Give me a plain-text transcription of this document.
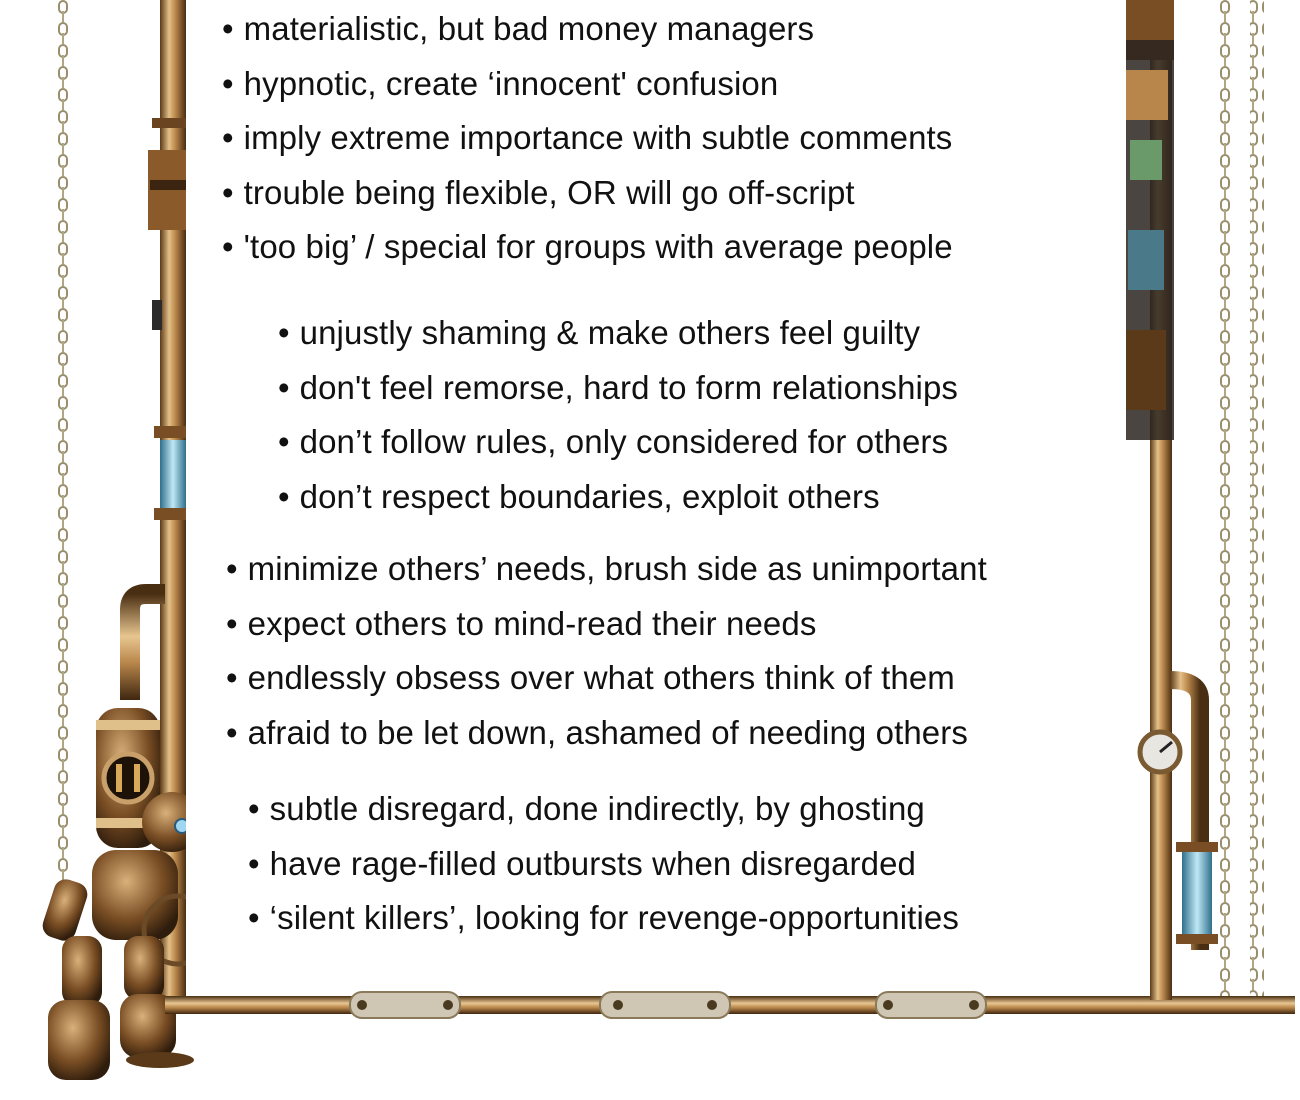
• materialistic, but bad money managers
• hypnotic, create ‘innocent' confusion
• imply extreme importance with subtle comments
• trouble being flexible, OR will go off-script
• 'too big’ / special for groups with average people
• unjustly shaming & make others feel guilty
• don't feel remorse, hard to form relationships
• don’t follow rules, only considered for others
• don’t respect boundaries, exploit others
• minimize others’ needs, brush side as unimportant
• expect others to mind-read their needs
• endlessly obsess over what others think of them
• afraid to be let down, ashamed of needing others
• subtle disregard, done indirectly, by ghosting
• have rage-filled outbursts when disregarded
• ‘silent killers’, looking for revenge-opportunities
